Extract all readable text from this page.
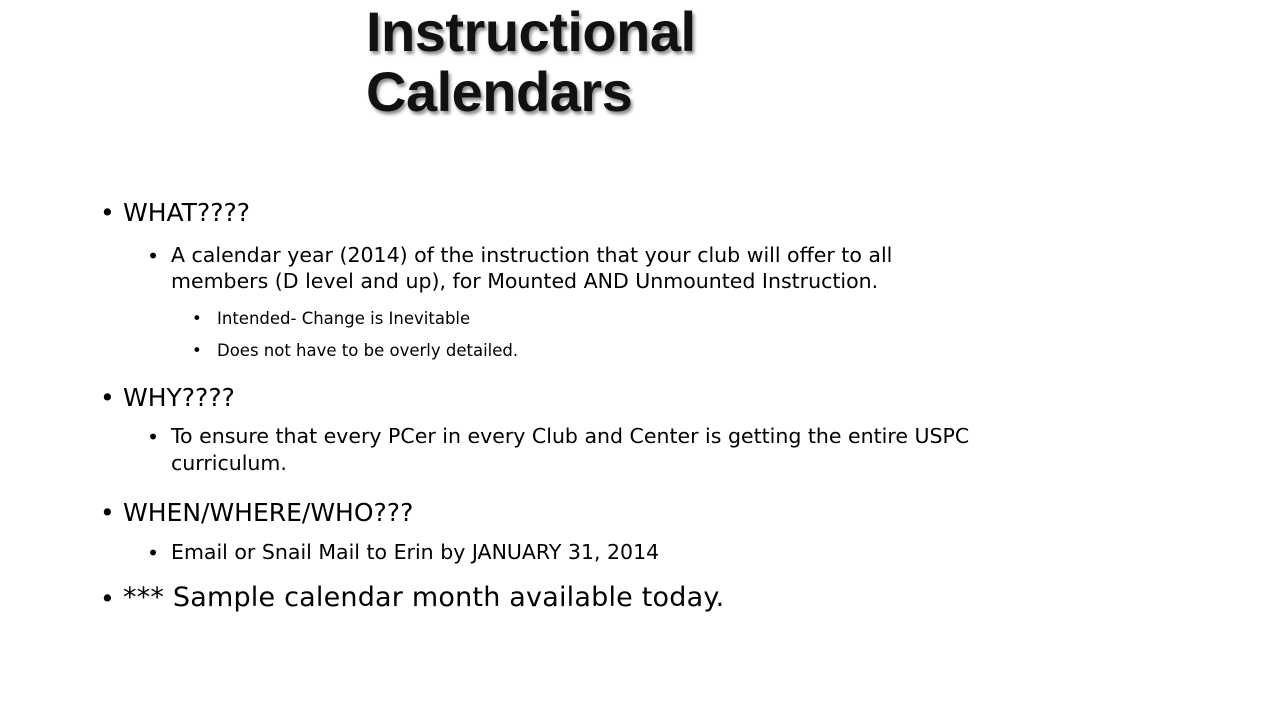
Instructional
Calendars
• WHAT????
• A calendar year (2014) of the instruction that your club will offer to all
members (D level and up), for Mounted AND Unmounted Instruction.
• Intended- Change is Inevitable
• Does not have to be overly detailed.
• WHY????
• To ensure that every PCer in every Club and Center is getting the entire USPC
curriculum.
• WHEN/WHERE/WHO???
• Email or Snail Mail to Erin by JANUARY 31, 2014
• *** Sample calendar month available today.
